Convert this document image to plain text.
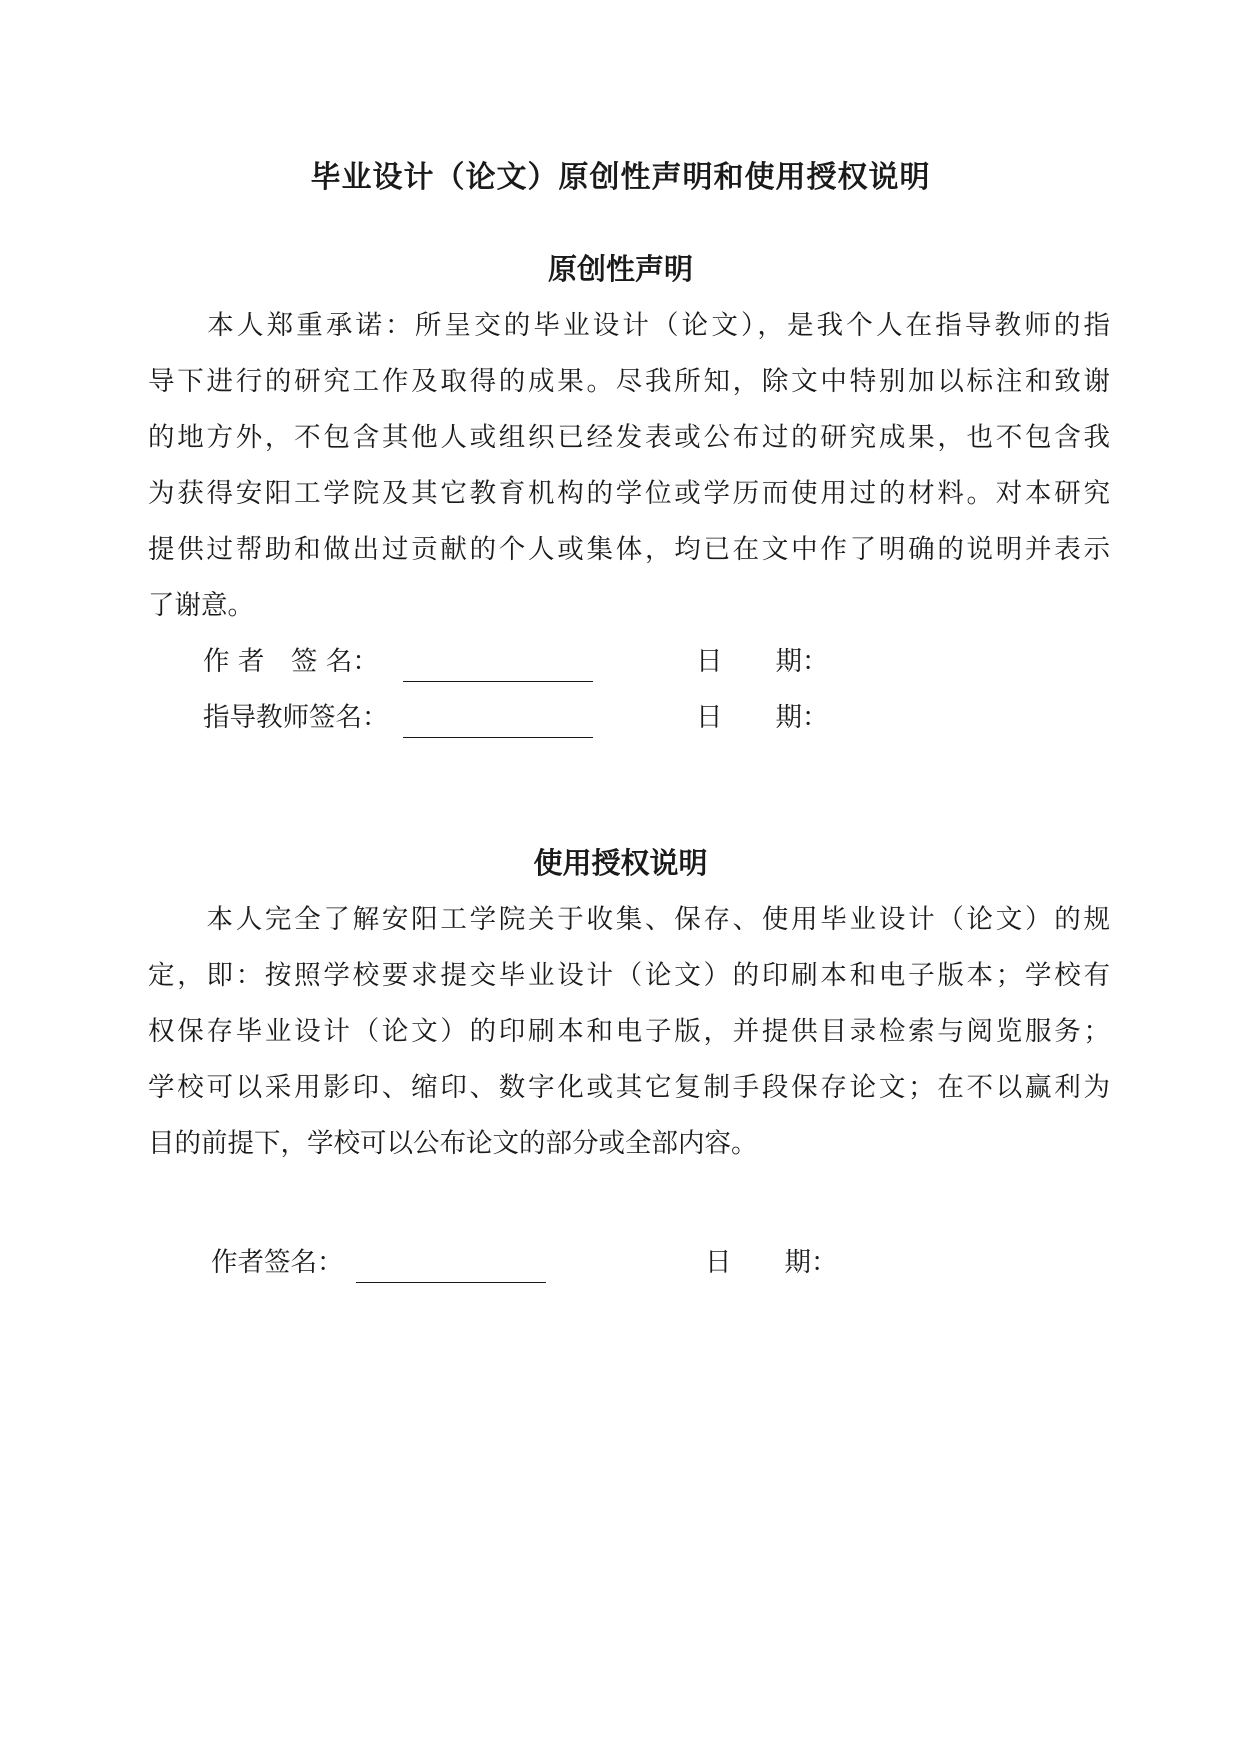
毕业设计（论文）原创性声明和使用授权说明
原创性声明
　　本人郑重承诺：所呈交的毕业设计（论文），是我个人在指导教师的指
导下进行的研究工作及取得的成果。尽我所知，除文中特别加以标注和致谢
的地方外，不包含其他人或组织已经发表或公布过的研究成果，也不包含我
为获得安阳工学院及其它教育机构的学位或学历而使用过的材料。对本研究
提供过帮助和做出过贡献的个人或集体，均已在文中作了明确的说明并表示
了谢意。
作 者　签 名：	日　　期：
指导教师签名：	日　　期：
使用授权说明
　　本人完全了解安阳工学院关于收集、保存、使用毕业设计（论文）的规
定，即：按照学校要求提交毕业设计（论文）的印刷本和电子版本；学校有
权保存毕业设计（论文）的印刷本和电子版，并提供目录检索与阅览服务；
学校可以采用影印、缩印、数字化或其它复制手段保存论文；在不以赢利为
目的前提下，学校可以公布论文的部分或全部内容。
作者签名：	日　　期：
